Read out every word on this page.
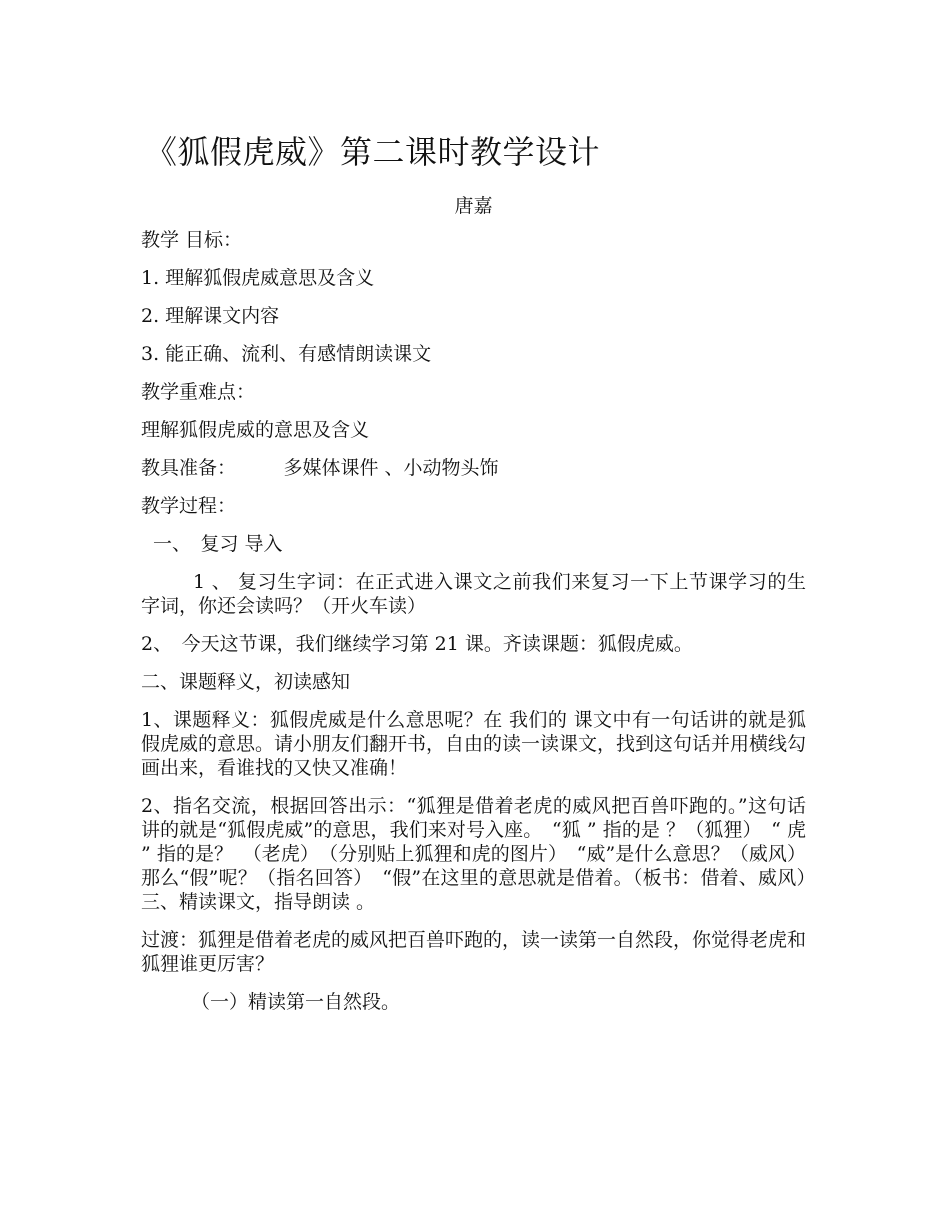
《狐假虎威》第二课时教学设计
唐嘉

教学 目标：

1. 理解狐假虎威意思及含义

2. 理解课文内容

3. 能正确、流利、有感情朗读课文

教学重难点：

理解狐假虎威的意思及含义

教具准备：　　　多媒体课件 、小动物头饰

教学过程：

一、　复习 导入

1 、 复习生字词：在正式进入课文之前我们来复习一下上节课学习的生字词，你还会读吗？（开火车读）

2、　今天这节课，我们继续学习第 21 课。齐读课题：狐假虎威。

二、课题释义，初读感知

1、课题释义：狐假虎威是什么意思呢？在 我们的 课文中有一句话讲的就是狐假虎威的意思。请小朋友们翻开书，自由的读一读课文，找到这句话并用横线勾画出来，看谁找的又快又准确！

2、指名交流，根据回答出示：“狐狸是借着老虎的威风把百兽吓跑的。”这句话讲的就是“狐假虎威”的意思，我们来对号入座。　“狐 ” 指的是 ？（狐狸）　“ 虎 ” 指的是？　（老虎）　（分别贴上狐狸和虎的图片）　“威”是什么意思？（威风）那么“假”呢？（指名回答）　“假”在这里的意思就是借着。（板书：借着、威风）三、精读课文，指导朗读 。

过渡：狐狸是借着老虎的威风把百兽吓跑的，读一读第一自然段，你觉得老虎和狐狸谁更厉害？

（一）精读第一自然段。
